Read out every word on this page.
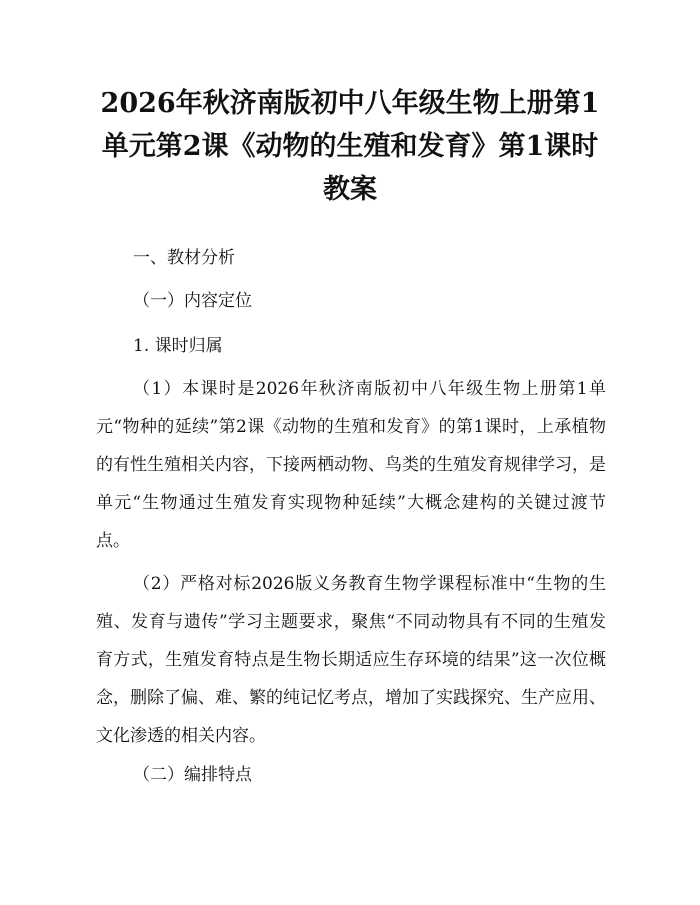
2026年秋济南版初中八年级生物上册第1单元第2课《动物的生殖和发育》第1课时教案
一、教材分析
（一）内容定位
1. 课时归属
（1）本课时是2026年秋济南版初中八年级生物上册第1单元“物种的延续”第2课《动物的生殖和发育》的第1课时，上承植物的有性生殖相关内容，下接两栖动物、鸟类的生殖发育规律学习，是单元“生物通过生殖发育实现物种延续”大概念建构的关键过渡节点。
（2）严格对标2026版义务教育生物学课程标准中“生物的生殖、发育与遗传”学习主题要求，聚焦“不同动物具有不同的生殖发育方式，生殖发育特点是生物长期适应生存环境的结果”这一次位概念，删除了偏、难、繁的纯记忆考点，增加了实践探究、生产应用、文化渗透的相关内容。
（二）编排特点
